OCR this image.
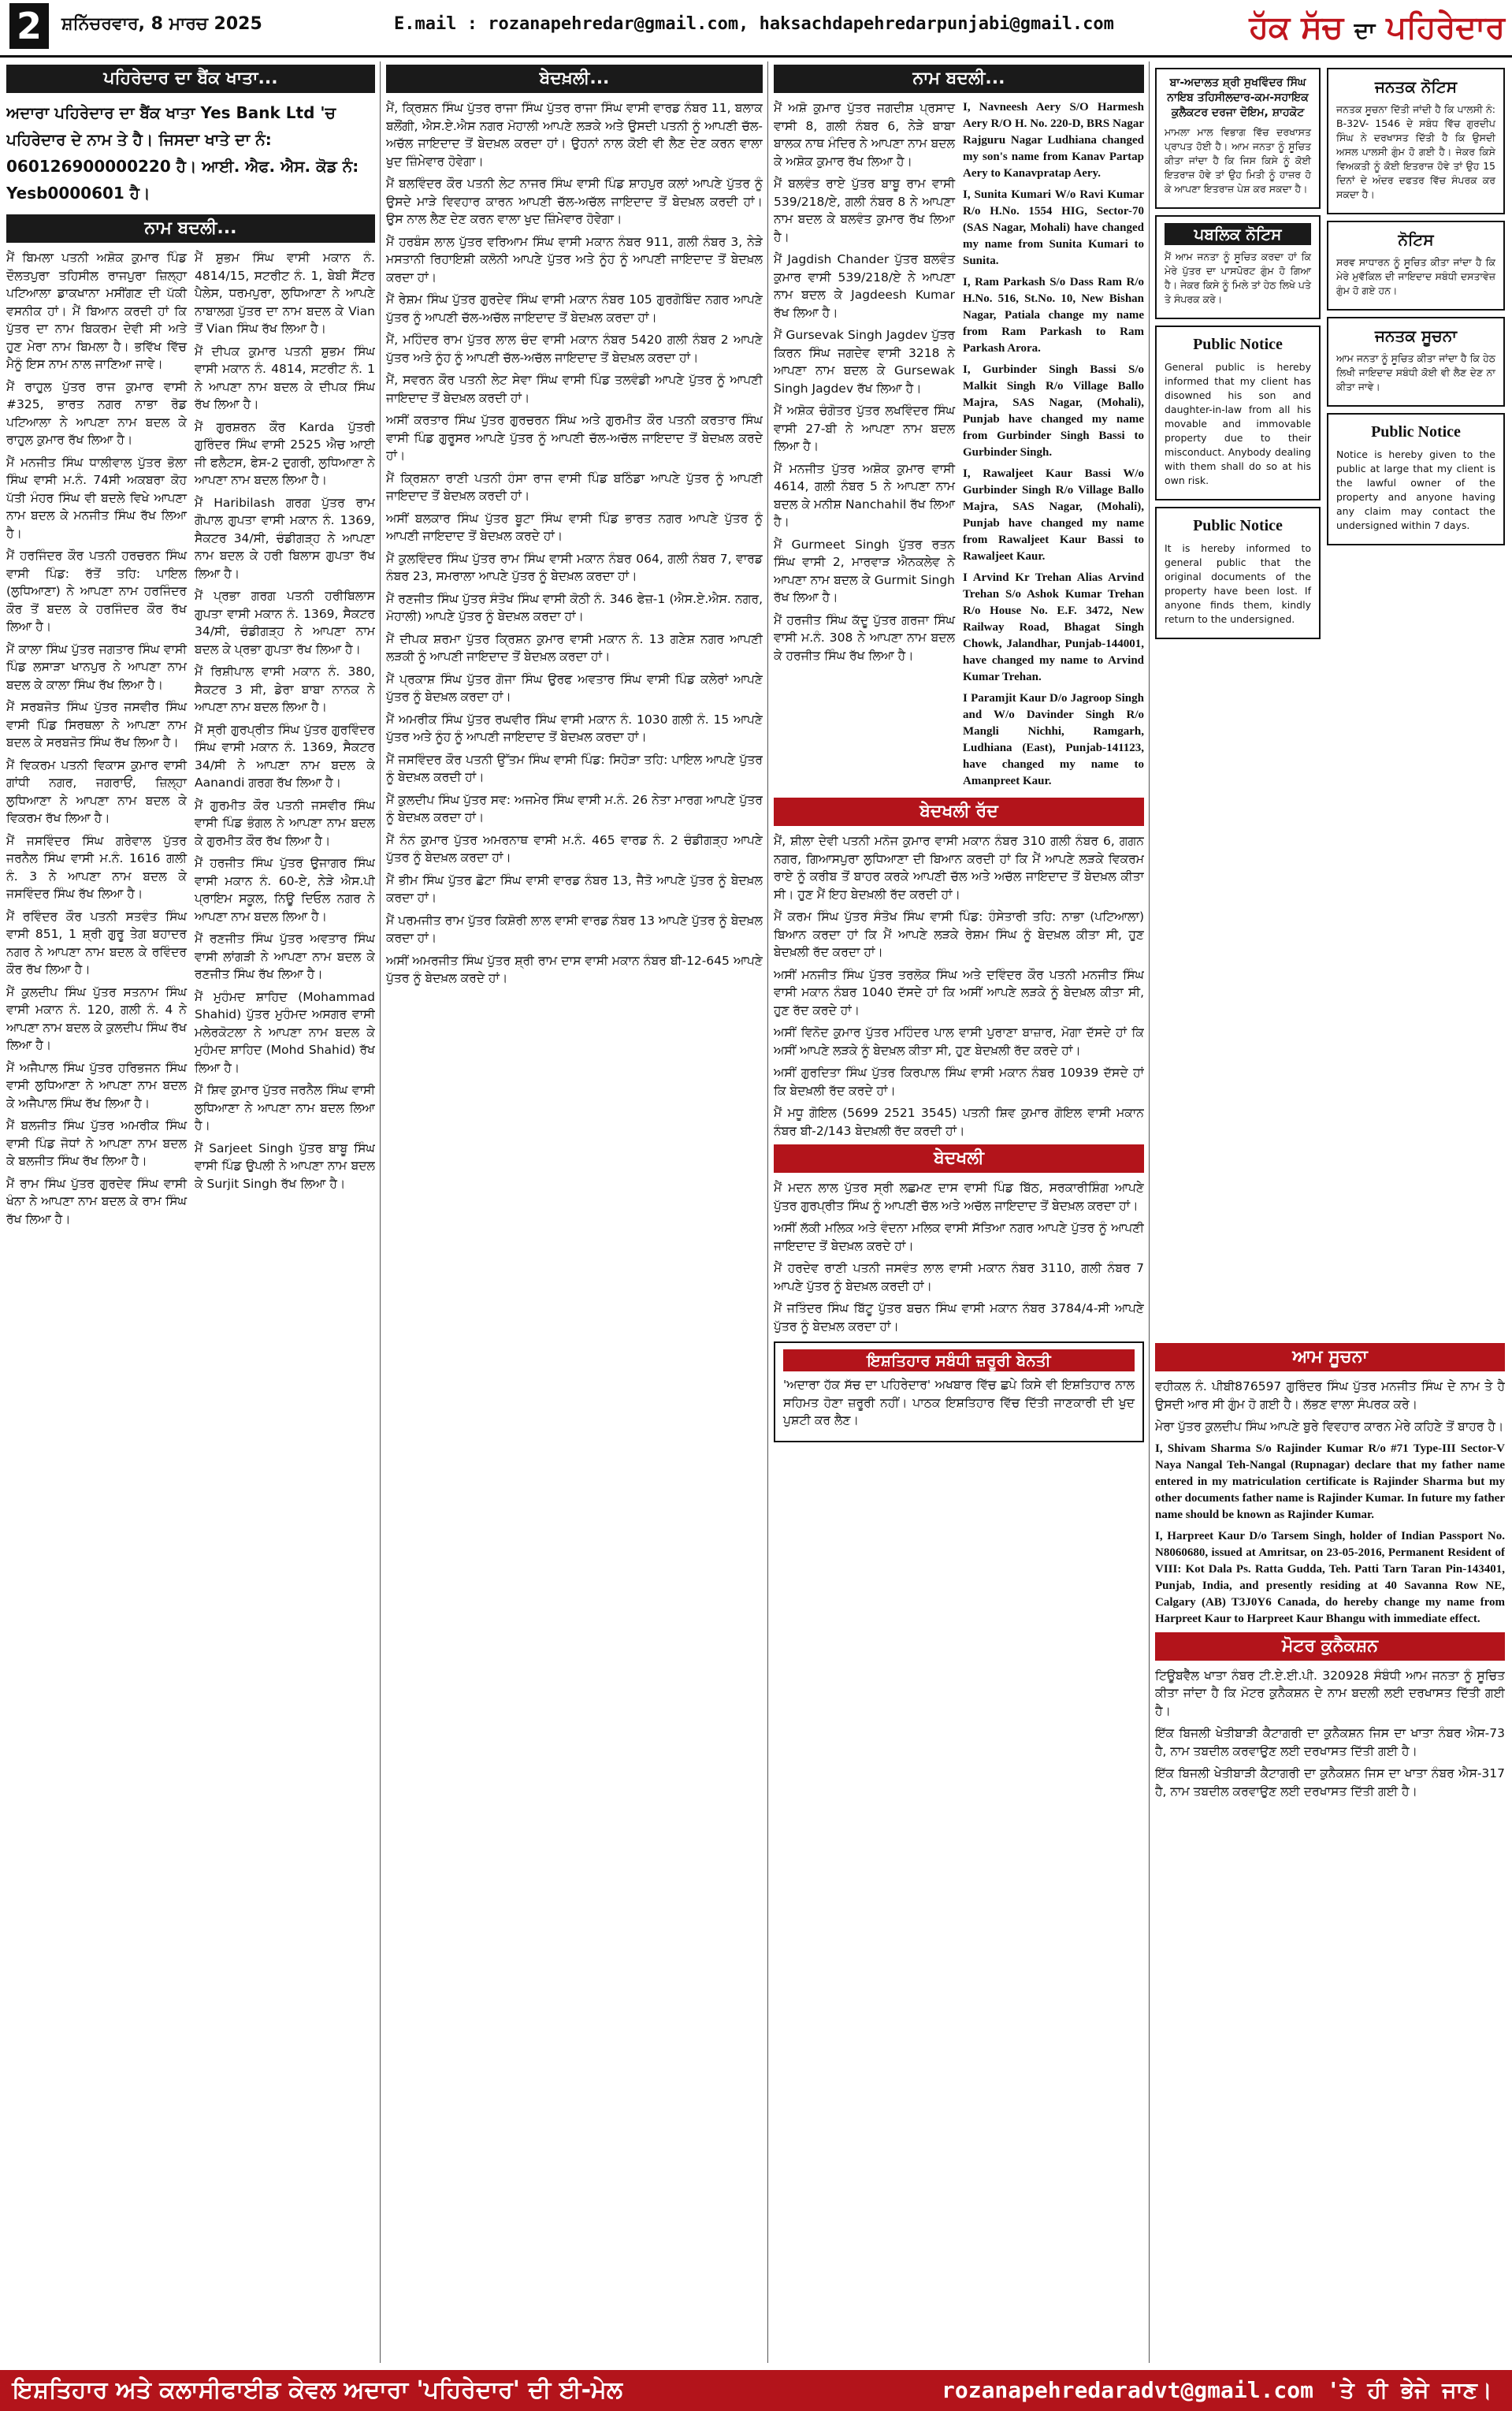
2	ਸ਼ਨਿੱਚਰਵਾਰ, 8 ਮਾਰਚ 2025	E.mail : rozanapehredar@gmail.com, haksachdapehredarpunjabi@gmail.com	ਹੱਕ ਸੱਚ ਦਾ ਪਹਿਰੇਦਾਰ
ਪਹਿਰੇਦਾਰ ਦਾ ਬੈਂਕ ਖਾਤਾ...
ਅਦਾਰਾ ਪਹਿਰੇਦਾਰ ਦਾ ਬੈਂਕ ਖਾਤਾ Yes Bank Ltd 'ਚ ਪਹਿਰੇਦਾਰ ਦੇ ਨਾਮ ਤੇ ਹੈ। ਜਿਸਦਾ ਖਾਤੇ ਦਾ ਨੰ: 060126900000220 ਹੈ। ਆਈ. ਐਫ. ਐਸ. ਕੋਡ ਨੰ: Yesb0000601 ਹੈ।
ਨਾਮ ਬਦਲੀ...

ਮੈਂ ਬਿਮਲਾ ਪਤਨੀ ਅਸ਼ੋਕ ਕੁਮਾਰ ਪਿੰਡ ਦੌਲਤਪੁਰਾ ਤਹਿਸੀਲ ਰਾਜਪੁਰਾ ਜ਼ਿਲ੍ਹਾ ਪਟਿਆਲਾ ਡਾਕਖਾਨਾ ਮਸੀਂਗਣ ਦੀ ਪੱਕੀ ਵਸਨੀਕ ਹਾਂ। ਮੈਂ ਬਿਆਨ ਕਰਦੀ ਹਾਂ ਕਿ ਪੁੱਤਰ ਦਾ ਨਾਮ ਬਿਕਰਮ ਦੇਵੀ ਸੀ ਅਤੇ ਹੁਣ ਮੇਰਾ ਨਾਮ ਬਿਮਲਾ ਹੈ। ਭਵਿੱਖ ਵਿੱਚ ਮੈਨੂੰ ਇਸ ਨਾਮ ਨਾਲ ਜਾਣਿਆ ਜਾਵੇ।

ਮੈਂ ਰਾਹੁਲ ਪੁੱਤਰ ਰਾਜ ਕੁਮਾਰ ਵਾਸੀ #325, ਭਾਰਤ ਨਗਰ ਨਾਭਾ ਰੋਡ ਪਟਿਆਲਾ ਨੇ ਆਪਣਾ ਨਾਮ ਬਦਲ ਕੇ ਰਾਹੁਲ ਕੁਮਾਰ ਰੱਖ ਲਿਆ ਹੈ।

ਮੈਂ ਮਨਜੀਤ ਸਿੰਘ ਧਾਲੀਵਾਲ ਪੁੱਤਰ ਭੋਲਾ ਸਿੰਘ ਵਾਸੀ ਮ.ਨੰ. 74ਸੀ ਅਕਬਰਾ ਕੋਹ ਪੱਤੀ ਮੰਹਰ ਸਿੰਘ ਵੀ ਬਦਲੇ ਵਿਖੇ ਆਪਣਾ ਨਾਮ ਬਦਲ ਕੇ ਮਨਜੀਤ ਸਿੰਘ ਰੱਖ ਲਿਆ ਹੈ।

ਮੈਂ ਹਰਜਿੰਦਰ ਕੌਰ ਪਤਨੀ ਹਰਚਰਨ ਸਿੰਘ ਵਾਸੀ ਪਿੰਡ: ਰੱਤੋਂ ਤਹਿ: ਪਾਇਲ (ਲੁਧਿਆਣਾ) ਨੇ ਆਪਣਾ ਨਾਮ ਹਰਜਿੰਦਰ ਕੌਰ ਤੋਂ ਬਦਲ ਕੇ ਹਰਜਿੰਦਰ ਕੌਰ ਰੱਖ ਲਿਆ ਹੈ।

ਮੈਂ ਕਾਲਾ ਸਿੰਘ ਪੁੱਤਰ ਜਗਤਾਰ ਸਿੰਘ ਵਾਸੀ ਪਿੰਡ ਲਸਾੜਾ ਖਾਨਪੁਰ ਨੇ ਆਪਣਾ ਨਾਮ ਬਦਲ ਕੇ ਕਾਲਾ ਸਿੰਘ ਰੱਖ ਲਿਆ ਹੈ।

ਮੈਂ ਸਰਬਜੋਤ ਸਿੰਘ ਪੁੱਤਰ ਜਸਵੀਰ ਸਿੰਘ ਵਾਸੀ ਪਿੰਡ ਸਿਰਥਲਾ ਨੇ ਆਪਣਾ ਨਾਮ ਬਦਲ ਕੇ ਸਰਬਜੋਤ ਸਿੰਘ ਰੱਖ ਲਿਆ ਹੈ।

ਮੈਂ ਵਿਕਰਮ ਪਤਨੀ ਵਿਕਾਸ ਕੁਮਾਰ ਵਾਸੀ ਗਾਂਧੀ ਨਗਰ, ਜਗਰਾਓਂ, ਜ਼ਿਲ੍ਹਾ ਲੁਧਿਆਣਾ ਨੇ ਆਪਣਾ ਨਾਮ ਬਦਲ ਕੇ ਵਿਕਰਮ ਰੱਖ ਲਿਆ ਹੈ।

ਮੈਂ ਜਸਵਿੰਦਰ ਸਿੰਘ ਗਰੇਵਾਲ ਪੁੱਤਰ ਜਰਨੈਲ ਸਿੰਘ ਵਾਸੀ ਮ.ਨੰ. 1616 ਗਲੀ ਨੰ. 3 ਨੇ ਆਪਣਾ ਨਾਮ ਬਦਲ ਕੇ ਜਸਵਿੰਦਰ ਸਿੰਘ ਰੱਖ ਲਿਆ ਹੈ।

ਮੈਂ ਰਵਿੰਦਰ ਕੌਰ ਪਤਨੀ ਸਤਵੰਤ ਸਿੰਘ ਵਾਸੀ 851, 1 ਸ਼੍ਰੀ ਗੁਰੂ ਤੇਗ ਬਹਾਦਰ ਨਗਰ ਨੇ ਆਪਣਾ ਨਾਮ ਬਦਲ ਕੇ ਰਵਿੰਦਰ ਕੌਰ ਰੱਖ ਲਿਆ ਹੈ।

ਮੈਂ ਕੁਲਦੀਪ ਸਿੰਘ ਪੁੱਤਰ ਸਤਨਾਮ ਸਿੰਘ ਵਾਸੀ ਮਕਾਨ ਨੰ. 120, ਗਲੀ ਨੰ. 4 ਨੇ ਆਪਣਾ ਨਾਮ ਬਦਲ ਕੇ ਕੁਲਦੀਪ ਸਿੰਘ ਰੱਖ ਲਿਆ ਹੈ।

ਮੈਂ ਅਜੈਪਾਲ ਸਿੰਘ ਪੁੱਤਰ ਹਰਿਭਜਨ ਸਿੰਘ ਵਾਸੀ ਲੁਧਿਆਣਾ ਨੇ ਆਪਣਾ ਨਾਮ ਬਦਲ ਕੇ ਅਜੈਪਾਲ ਸਿੰਘ ਰੱਖ ਲਿਆ ਹੈ।

ਮੈਂ ਬਲਜੀਤ ਸਿੰਘ ਪੁੱਤਰ ਅਮਰੀਕ ਸਿੰਘ ਵਾਸੀ ਪਿੰਡ ਜੋਧਾਂ ਨੇ ਆਪਣਾ ਨਾਮ ਬਦਲ ਕੇ ਬਲਜੀਤ ਸਿੰਘ ਰੱਖ ਲਿਆ ਹੈ।

ਮੈਂ ਰਾਮ ਸਿੰਘ ਪੁੱਤਰ ਗੁਰਦੇਵ ਸਿੰਘ ਵਾਸੀ ਖੰਨਾ ਨੇ ਆਪਣਾ ਨਾਮ ਬਦਲ ਕੇ ਰਾਮ ਸਿੰਘ ਰੱਖ ਲਿਆ ਹੈ।

ਮੈਂ ਸ਼ੁਭਮ ਸਿੰਘ ਵਾਸੀ ਮਕਾਨ ਨੰ. 4814/15, ਸਟਰੀਟ ਨੰ. 1, ਬੇਬੀ ਸੈਂਟਰ ਪੈਲੇਸ, ਧਰਮਪੁਰਾ, ਲੁਧਿਆਣਾ ਨੇ ਆਪਣੇ ਨਾਬਾਲਗ ਪੁੱਤਰ ਦਾ ਨਾਮ ਬਦਲ ਕੇ Vian ਤੋਂ Vian ਸਿੰਘ ਰੱਖ ਲਿਆ ਹੈ।

ਮੈਂ ਦੀਪਕ ਕੁਮਾਰ ਪਤਨੀ ਸ਼ੁਭਮ ਸਿੰਘ ਵਾਸੀ ਮਕਾਨ ਨੰ. 4814, ਸਟਰੀਟ ਨੰ. 1 ਨੇ ਆਪਣਾ ਨਾਮ ਬਦਲ ਕੇ ਦੀਪਕ ਸਿੰਘ ਰੱਖ ਲਿਆ ਹੈ।

ਮੈਂ ਗੁਰਸ਼ਰਨ ਕੌਰ Karda ਪੁੱਤਰੀ ਗੁਰਿੰਦਰ ਸਿੰਘ ਵਾਸੀ 2525 ਐਚ ਆਈ ਜੀ ਫਲੈਟਸ, ਫੇਸ-2 ਦੁਗਰੀ, ਲੁਧਿਆਣਾ ਨੇ ਆਪਣਾ ਨਾਮ ਬਦਲ ਲਿਆ ਹੈ।

ਮੈਂ Haribilash ਗਰਗ ਪੁੱਤਰ ਰਾਮ ਗੋਪਾਲ ਗੁਪਤਾ ਵਾਸੀ ਮਕਾਨ ਨੰ. 1369, ਸੈਕਟਰ 34/ਸੀ, ਚੰਡੀਗੜ੍ਹ ਨੇ ਆਪਣਾ ਨਾਮ ਬਦਲ ਕੇ ਹਰੀ ਬਿਲਾਸ ਗੁਪਤਾ ਰੱਖ ਲਿਆ ਹੈ।

ਮੈਂ ਪ੍ਰਭਾ ਗਰਗ ਪਤਨੀ ਹਰੀਬਿਲਾਸ ਗੁਪਤਾ ਵਾਸੀ ਮਕਾਨ ਨੰ. 1369, ਸੈਕਟਰ 34/ਸੀ, ਚੰਡੀਗੜ੍ਹ ਨੇ ਆਪਣਾ ਨਾਮ ਬਦਲ ਕੇ ਪ੍ਰਭਾ ਗੁਪਤਾ ਰੱਖ ਲਿਆ ਹੈ।

ਮੈਂ ਰਿਸ਼ੀਪਾਲ ਵਾਸੀ ਮਕਾਨ ਨੰ. 380, ਸੈਕਟਰ 3 ਸੀ, ਡੇਰਾ ਬਾਬਾ ਨਾਨਕ ਨੇ ਆਪਣਾ ਨਾਮ ਬਦਲ ਲਿਆ ਹੈ।

ਮੈਂ ਸ੍ਰੀ ਗੁਰਪ੍ਰੀਤ ਸਿੰਘ ਪੁੱਤਰ ਗੁਰਵਿੰਦਰ ਸਿੰਘ ਵਾਸੀ ਮਕਾਨ ਨੰ. 1369, ਸੈਕਟਰ 34/ਸੀ ਨੇ ਆਪਣਾ ਨਾਮ ਬਦਲ ਕੇ Aanandi ਗਰਗ ਰੱਖ ਲਿਆ ਹੈ।

ਮੈਂ ਗੁਰਮੀਤ ਕੌਰ ਪਤਨੀ ਜਸਵੀਰ ਸਿੰਘ ਵਾਸੀ ਪਿੰਡ ਭੰਗਲ ਨੇ ਆਪਣਾ ਨਾਮ ਬਦਲ ਕੇ ਗੁਰਮੀਤ ਕੌਰ ਰੱਖ ਲਿਆ ਹੈ।

ਮੈਂ ਹਰਜੀਤ ਸਿੰਘ ਪੁੱਤਰ ਉਜਾਗਰ ਸਿੰਘ ਵਾਸੀ ਮਕਾਨ ਨੰ. 60-ਏ, ਨੇੜੇ ਐਸ.ਪੀ ਪ੍ਰਾਇਮ ਸਕੂਲ, ਨਿਊ ਦਿਓਲ ਨਗਰ ਨੇ ਆਪਣਾ ਨਾਮ ਬਦਲ ਲਿਆ ਹੈ।

ਮੈਂ ਰਣਜੀਤ ਸਿੰਘ ਪੁੱਤਰ ਅਵਤਾਰ ਸਿੰਘ ਵਾਸੀ ਲਾਂਗੜੀ ਨੇ ਆਪਣਾ ਨਾਮ ਬਦਲ ਕੇ ਰਣਜੀਤ ਸਿੰਘ ਰੱਖ ਲਿਆ ਹੈ।

ਮੈਂ ਮੁਹੰਮਦ ਸ਼ਾਹਿਦ (Mohammad Shahid) ਪੁੱਤਰ ਮੁਹੰਮਦ ਅਸਗਰ ਵਾਸੀ ਮਲੇਰਕੋਟਲਾ ਨੇ ਆਪਣਾ ਨਾਮ ਬਦਲ ਕੇ ਮੁਹੰਮਦ ਸ਼ਾਹਿਦ (Mohd Shahid) ਰੱਖ ਲਿਆ ਹੈ।

ਮੈਂ ਸ਼ਿਵ ਕੁਮਾਰ ਪੁੱਤਰ ਜਰਨੈਲ ਸਿੰਘ ਵਾਸੀ ਲੁਧਿਆਣਾ ਨੇ ਆਪਣਾ ਨਾਮ ਬਦਲ ਲਿਆ ਹੈ।

ਮੈਂ Sarjeet Singh ਪੁੱਤਰ ਬਾਬੂ ਸਿੰਘ ਵਾਸੀ ਪਿੰਡ ਉਪਲੀ ਨੇ ਆਪਣਾ ਨਾਮ ਬਦਲ ਕੇ Surjit Singh ਰੱਖ ਲਿਆ ਹੈ।

ਬੇਦਖ਼ਲੀ...

ਮੈਂ, ਕ੍ਰਿਸ਼ਨ ਸਿੰਘ ਪੁੱਤਰ ਰਾਜਾ ਸਿੰਘ ਪੁੱਤਰ ਰਾਜਾ ਸਿੰਘ ਵਾਸੀ ਵਾਰਡ ਨੰਬਰ 11, ਬਲਾਕ ਬਲੌਂਗੀ, ਐਸ.ਏ.ਐਸ ਨਗਰ ਮੋਹਾਲੀ ਆਪਣੇ ਲੜਕੇ ਅਤੇ ਉਸਦੀ ਪਤਨੀ ਨੂੰ ਆਪਣੀ ਚੱਲ-ਅਚੱਲ ਜਾਇਦਾਦ ਤੋਂ ਬੇਦਖ਼ਲ ਕਰਦਾ ਹਾਂ। ਉਹਨਾਂ ਨਾਲ ਕੋਈ ਵੀ ਲੈਣ ਦੇਣ ਕਰਨ ਵਾਲਾ ਖੁਦ ਜ਼ਿੰਮੇਵਾਰ ਹੋਵੇਗਾ।

ਮੈਂ ਬਲਵਿੰਦਰ ਕੌਰ ਪਤਨੀ ਲੇਟ ਨਾਜਰ ਸਿੰਘ ਵਾਸੀ ਪਿੰਡ ਸ਼ਾਹਪੁਰ ਕਲਾਂ ਆਪਣੇ ਪੁੱਤਰ ਨੂੰ ਉਸਦੇ ਮਾੜੇ ਵਿਵਹਾਰ ਕਾਰਨ ਆਪਣੀ ਚੱਲ-ਅਚੱਲ ਜਾਇਦਾਦ ਤੋਂ ਬੇਦਖ਼ਲ ਕਰਦੀ ਹਾਂ। ਉਸ ਨਾਲ ਲੈਣ ਦੇਣ ਕਰਨ ਵਾਲਾ ਖੁਦ ਜ਼ਿੰਮੇਵਾਰ ਹੋਵੇਗਾ।

ਮੈਂ ਹਰਬੰਸ ਲਾਲ ਪੁੱਤਰ ਵਰਿਆਮ ਸਿੰਘ ਵਾਸੀ ਮਕਾਨ ਨੰਬਰ 911, ਗਲੀ ਨੰਬਰ 3, ਨੇੜੇ ਮਸਤਾਨੀ ਰਿਹਾਇਸ਼ੀ ਕਲੋਨੀ ਆਪਣੇ ਪੁੱਤਰ ਅਤੇ ਨੂੰਹ ਨੂੰ ਆਪਣੀ ਜਾਇਦਾਦ ਤੋਂ ਬੇਦਖ਼ਲ ਕਰਦਾ ਹਾਂ।

ਮੈਂ ਰੇਸ਼ਮ ਸਿੰਘ ਪੁੱਤਰ ਗੁਰਦੇਵ ਸਿੰਘ ਵਾਸੀ ਮਕਾਨ ਨੰਬਰ 105 ਗੁਰਗੋਬਿੰਦ ਨਗਰ ਆਪਣੇ ਪੁੱਤਰ ਨੂੰ ਆਪਣੀ ਚੱਲ-ਅਚੱਲ ਜਾਇਦਾਦ ਤੋਂ ਬੇਦਖ਼ਲ ਕਰਦਾ ਹਾਂ।

ਮੈਂ, ਮਹਿੰਦਰ ਰਾਮ ਪੁੱਤਰ ਲਾਲ ਚੰਦ ਵਾਸੀ ਮਕਾਨ ਨੰਬਰ 5420 ਗਲੀ ਨੰਬਰ 2 ਆਪਣੇ ਪੁੱਤਰ ਅਤੇ ਨੂੰਹ ਨੂੰ ਆਪਣੀ ਚੱਲ-ਅਚੱਲ ਜਾਇਦਾਦ ਤੋਂ ਬੇਦਖ਼ਲ ਕਰਦਾ ਹਾਂ।

ਮੈਂ, ਸਵਰਨ ਕੌਰ ਪਤਨੀ ਲੇਟ ਸੇਵਾ ਸਿੰਘ ਵਾਸੀ ਪਿੰਡ ਤਲਵੰਡੀ ਆਪਣੇ ਪੁੱਤਰ ਨੂੰ ਆਪਣੀ ਜਾਇਦਾਦ ਤੋਂ ਬੇਦਖ਼ਲ ਕਰਦੀ ਹਾਂ।

ਅਸੀਂ ਕਰਤਾਰ ਸਿੰਘ ਪੁੱਤਰ ਗੁਰਚਰਨ ਸਿੰਘ ਅਤੇ ਗੁਰਮੀਤ ਕੌਰ ਪਤਨੀ ਕਰਤਾਰ ਸਿੰਘ ਵਾਸੀ ਪਿੰਡ ਗੁਰੂਸਰ ਆਪਣੇ ਪੁੱਤਰ ਨੂੰ ਆਪਣੀ ਚੱਲ-ਅਚੱਲ ਜਾਇਦਾਦ ਤੋਂ ਬੇਦਖ਼ਲ ਕਰਦੇ ਹਾਂ।

ਮੈਂ ਕ੍ਰਿਸ਼ਨਾ ਰਾਣੀ ਪਤਨੀ ਹੰਸਾ ਰਾਜ ਵਾਸੀ ਪਿੰਡ ਬਠਿੰਡਾ ਆਪਣੇ ਪੁੱਤਰ ਨੂੰ ਆਪਣੀ ਜਾਇਦਾਦ ਤੋਂ ਬੇਦਖ਼ਲ ਕਰਦੀ ਹਾਂ।

ਅਸੀਂ ਬਲਕਾਰ ਸਿੰਘ ਪੁੱਤਰ ਬੂਟਾ ਸਿੰਘ ਵਾਸੀ ਪਿੰਡ ਭਾਰਤ ਨਗਰ ਆਪਣੇ ਪੁੱਤਰ ਨੂੰ ਆਪਣੀ ਜਾਇਦਾਦ ਤੋਂ ਬੇਦਖ਼ਲ ਕਰਦੇ ਹਾਂ।

ਮੈਂ ਕੁਲਵਿੰਦਰ ਸਿੰਘ ਪੁੱਤਰ ਰਾਮ ਸਿੰਘ ਵਾਸੀ ਮਕਾਨ ਨੰਬਰ 064, ਗਲੀ ਨੰਬਰ 7, ਵਾਰਡ ਨੰਬਰ 23, ਸਮਰਾਲਾ ਆਪਣੇ ਪੁੱਤਰ ਨੂੰ ਬੇਦਖ਼ਲ ਕਰਦਾ ਹਾਂ।

ਮੈਂ ਰਣਜੀਤ ਸਿੰਘ ਪੁੱਤਰ ਸੰਤੋਖ ਸਿੰਘ ਵਾਸੀ ਕੋਠੀ ਨੰ. 346 ਫੇਜ਼-1 (ਐਸ.ਏ.ਐਸ. ਨਗਰ, ਮੋਹਾਲੀ) ਆਪਣੇ ਪੁੱਤਰ ਨੂੰ ਬੇਦਖ਼ਲ ਕਰਦਾ ਹਾਂ।

ਮੈਂ ਦੀਪਕ ਸ਼ਰਮਾ ਪੁੱਤਰ ਕ੍ਰਿਸ਼ਨ ਕੁਮਾਰ ਵਾਸੀ ਮਕਾਨ ਨੰ. 13 ਗਣੇਸ਼ ਨਗਰ ਆਪਣੀ ਲੜਕੀ ਨੂੰ ਆਪਣੀ ਜਾਇਦਾਦ ਤੋਂ ਬੇਦਖ਼ਲ ਕਰਦਾ ਹਾਂ।

ਮੈਂ ਪ੍ਰਕਾਸ਼ ਸਿੰਘ ਪੁੱਤਰ ਗੋਜਾ ਸਿੰਘ ਉਰਫ ਅਵਤਾਰ ਸਿੰਘ ਵਾਸੀ ਪਿੰਡ ਕਲੇਰਾਂ ਆਪਣੇ ਪੁੱਤਰ ਨੂੰ ਬੇਦਖ਼ਲ ਕਰਦਾ ਹਾਂ।

ਮੈਂ ਅਮਰੀਕ ਸਿੰਘ ਪੁੱਤਰ ਰਘਵੀਰ ਸਿੰਘ ਵਾਸੀ ਮਕਾਨ ਨੰ. 1030 ਗਲੀ ਨੰ. 15 ਆਪਣੇ ਪੁੱਤਰ ਅਤੇ ਨੂੰਹ ਨੂੰ ਆਪਣੀ ਜਾਇਦਾਦ ਤੋਂ ਬੇਦਖ਼ਲ ਕਰਦਾ ਹਾਂ।

ਮੈਂ ਜਸਵਿੰਦਰ ਕੌਰ ਪਤਨੀ ਉੱਤਮ ਸਿੰਘ ਵਾਸੀ ਪਿੰਡ: ਸਿਹੋੜਾ ਤਹਿ: ਪਾਇਲ ਆਪਣੇ ਪੁੱਤਰ ਨੂੰ ਬੇਦਖ਼ਲ ਕਰਦੀ ਹਾਂ।

ਮੈਂ ਕੁਲਦੀਪ ਸਿੰਘ ਪੁੱਤਰ ਸਵ: ਅਜਮੇਰ ਸਿੰਘ ਵਾਸੀ ਮ.ਨੰ. 26 ਨੇਤਾ ਮਾਰਗ ਆਪਣੇ ਪੁੱਤਰ ਨੂੰ ਬੇਦਖ਼ਲ ਕਰਦਾ ਹਾਂ।

ਮੈਂ ਨੰਨ ਕੁਮਾਰ ਪੁੱਤਰ ਅਮਰਨਾਥ ਵਾਸੀ ਮ.ਨੰ. 465 ਵਾਰਡ ਨੰ. 2 ਚੰਡੀਗੜ੍ਹ ਆਪਣੇ ਪੁੱਤਰ ਨੂੰ ਬੇਦਖ਼ਲ ਕਰਦਾ ਹਾਂ।

ਮੈਂ ਭੀਮ ਸਿੰਘ ਪੁੱਤਰ ਛੋਟਾ ਸਿੰਘ ਵਾਸੀ ਵਾਰਡ ਨੰਬਰ 13, ਜੈਤੋ ਆਪਣੇ ਪੁੱਤਰ ਨੂੰ ਬੇਦਖ਼ਲ ਕਰਦਾ ਹਾਂ।

ਮੈਂ ਪਰਮਜੀਤ ਰਾਮ ਪੁੱਤਰ ਕਿਸ਼ੋਰੀ ਲਾਲ ਵਾਸੀ ਵਾਰਡ ਨੰਬਰ 13 ਆਪਣੇ ਪੁੱਤਰ ਨੂੰ ਬੇਦਖ਼ਲ ਕਰਦਾ ਹਾਂ।

ਅਸੀਂ ਅਮਰਜੀਤ ਸਿੰਘ ਪੁੱਤਰ ਸ਼੍ਰੀ ਰਾਮ ਦਾਸ ਵਾਸੀ ਮਕਾਨ ਨੰਬਰ ਬੀ-12-645 ਆਪਣੇ ਪੁੱਤਰ ਨੂੰ ਬੇਦਖ਼ਲ ਕਰਦੇ ਹਾਂ।

ਨਾਮ ਬਦਲੀ...

ਮੈਂ ਅਸ਼ੋ ਕੁਮਾਰ ਪੁੱਤਰ ਜਗਦੀਸ਼ ਪ੍ਰਸਾਦ ਵਾਸੀ 8, ਗਲੀ ਨੰਬਰ 6, ਨੇੜੇ ਬਾਬਾ ਬਾਲਕ ਨਾਥ ਮੰਦਿਰ ਨੇ ਆਪਣਾ ਨਾਮ ਬਦਲ ਕੇ ਅਸ਼ੋਕ ਕੁਮਾਰ ਰੱਖ ਲਿਆ ਹੈ।

ਮੈਂ ਬਲਵੰਤ ਰਾਏ ਪੁੱਤਰ ਬਾਬੂ ਰਾਮ ਵਾਸੀ 539/218/ਏ, ਗਲੀ ਨੰਬਰ 8 ਨੇ ਆਪਣਾ ਨਾਮ ਬਦਲ ਕੇ ਬਲਵੰਤ ਕੁਮਾਰ ਰੱਖ ਲਿਆ ਹੈ।

ਮੈਂ Jagdish Chander ਪੁੱਤਰ ਬਲਵੰਤ ਕੁਮਾਰ ਵਾਸੀ 539/218/ਏ ਨੇ ਆਪਣਾ ਨਾਮ ਬਦਲ ਕੇ Jagdeesh Kumar ਰੱਖ ਲਿਆ ਹੈ।

ਮੈਂ Gursevak Singh Jagdev ਪੁੱਤਰ ਕਿਰਨ ਸਿੰਘ ਜਗਦੇਵ ਵਾਸੀ 3218 ਨੇ ਆਪਣਾ ਨਾਮ ਬਦਲ ਕੇ Gursewak Singh Jagdev ਰੱਖ ਲਿਆ ਹੈ।

ਮੈਂ ਅਸ਼ੋਕ ਚੰਗੋਤਰ ਪੁੱਤਰ ਲਖਵਿੰਦਰ ਸਿੰਘ ਵਾਸੀ 27-ਬੀ ਨੇ ਆਪਣਾ ਨਾਮ ਬਦਲ ਲਿਆ ਹੈ।

ਮੈਂ ਮਨਜੀਤ ਪੁੱਤਰ ਅਸ਼ੋਕ ਕੁਮਾਰ ਵਾਸੀ 4614, ਗਲੀ ਨੰਬਰ 5 ਨੇ ਆਪਣਾ ਨਾਮ ਬਦਲ ਕੇ ਮਨੀਸ਼ Nanchahil ਰੱਖ ਲਿਆ ਹੈ।

ਮੈਂ Gurmeet Singh ਪੁੱਤਰ ਰਤਨ ਸਿੰਘ ਵਾਸੀ 2, ਮਾਰਵਾੜ ਐਨਕਲੇਵ ਨੇ ਆਪਣਾ ਨਾਮ ਬਦਲ ਕੇ Gurmit Singh ਰੱਖ ਲਿਆ ਹੈ।

ਮੈਂ ਹਰਜੀਤ ਸਿੰਘ ਕੱਦੂ ਪੁੱਤਰ ਗਰਜਾ ਸਿੰਘ ਵਾਸੀ ਮ.ਨੰ. 308 ਨੇ ਆਪਣਾ ਨਾਮ ਬਦਲ ਕੇ ਹਰਜੀਤ ਸਿੰਘ ਰੱਖ ਲਿਆ ਹੈ।

I, Navneesh Aery S/O Harmesh Aery R/O H. No. 220-D, BRS Nagar Rajguru Nagar Ludhiana changed my son's name from Kanav Partap Aery to Kanavpratap Aery.

I, Sunita Kumari W/o Ravi Kumar R/o H.No. 1554 HIG, Sector-70 (SAS Nagar, Mohali) have changed my name from Sunita Kumari to Sunita.

I, Ram Parkash S/o Dass Ram R/o H.No. 516, St.No. 10, New Bishan Nagar, Patiala change my name from Ram Parkash to Ram Parkash Arora.

I, Gurbinder Singh Bassi S/o Malkit Singh R/o Village Ballo Majra, SAS Nagar, (Mohali), Punjab have changed my name from Gurbinder Singh Bassi to Gurbinder Singh.

I, Rawaljeet Kaur Bassi W/o Gurbinder Singh R/o Village Ballo Majra, SAS Nagar, (Mohali), Punjab have changed my name from Rawaljeet Kaur Bassi to Rawaljeet Kaur.

I Arvind Kr Trehan Alias Arvind Trehan S/o Ashok Kumar Trehan R/o House No. E.F. 3472, New Railway Road, Bhagat Singh Chowk, Jalandhar, Punjab-144001, have changed my name to Arvind Kumar Trehan.

I Paramjit Kaur D/o Jagroop Singh and W/o Davinder Singh R/o Mangli Nichhi, Ramgarh, Ludhiana (East), Punjab-141123, have changed my name to Amanpreet Kaur.

ਬੇਦਖਲੀ ਰੱਦ

ਮੈਂ, ਸ਼ੀਲਾ ਦੇਵੀ ਪਤਨੀ ਮਨੋਜ ਕੁਮਾਰ ਵਾਸੀ ਮਕਾਨ ਨੰਬਰ 310 ਗਲੀ ਨੰਬਰ 6, ਗਗਨ ਨਗਰ, ਗਿਆਸਪੁਰਾ ਲੁਧਿਆਣਾ ਦੀ ਬਿਆਨ ਕਰਦੀ ਹਾਂ ਕਿ ਮੈਂ ਆਪਣੇ ਲੜਕੇ ਵਿਕਰਮ ਰਾਏ ਨੂੰ ਕਰੀਬ ਤੋਂ ਬਾਹਰ ਕਰਕੇ ਆਪਣੀ ਚੱਲ ਅਤੇ ਅਚੱਲ ਜਾਇਦਾਦ ਤੋਂ ਬੇਦਖ਼ਲ ਕੀਤਾ ਸੀ। ਹੁਣ ਮੈਂ ਇਹ ਬੇਦਖ਼ਲੀ ਰੱਦ ਕਰਦੀ ਹਾਂ।

ਮੈਂ ਕਰਮ ਸਿੰਘ ਪੁੱਤਰ ਸੰਤੋਖ ਸਿੰਘ ਵਾਸੀ ਪਿੰਡ: ਹੰਸੇਤਾਰੀ ਤਹਿ: ਨਾਭਾ (ਪਟਿਆਲਾ) ਬਿਆਨ ਕਰਦਾ ਹਾਂ ਕਿ ਮੈਂ ਆਪਣੇ ਲੜਕੇ ਰੇਸ਼ਮ ਸਿੰਘ ਨੂੰ ਬੇਦਖ਼ਲ ਕੀਤਾ ਸੀ, ਹੁਣ ਬੇਦਖ਼ਲੀ ਰੱਦ ਕਰਦਾ ਹਾਂ।

ਅਸੀਂ ਮਨਜੀਤ ਸਿੰਘ ਪੁੱਤਰ ਤਰਲੋਕ ਸਿੰਘ ਅਤੇ ਦਵਿੰਦਰ ਕੌਰ ਪਤਨੀ ਮਨਜੀਤ ਸਿੰਘ ਵਾਸੀ ਮਕਾਨ ਨੰਬਰ 1040 ਦੱਸਦੇ ਹਾਂ ਕਿ ਅਸੀਂ ਆਪਣੇ ਲੜਕੇ ਨੂੰ ਬੇਦਖ਼ਲ ਕੀਤਾ ਸੀ, ਹੁਣ ਰੱਦ ਕਰਦੇ ਹਾਂ।

ਅਸੀਂ ਵਿਨੋਦ ਕੁਮਾਰ ਪੁੱਤਰ ਮਹਿੰਦਰ ਪਾਲ ਵਾਸੀ ਪੁਰਾਣਾ ਬਾਜ਼ਾਰ, ਮੋਗਾ ਦੱਸਦੇ ਹਾਂ ਕਿ ਅਸੀਂ ਆਪਣੇ ਲੜਕੇ ਨੂੰ ਬੇਦਖ਼ਲ ਕੀਤਾ ਸੀ, ਹੁਣ ਬੇਦਖ਼ਲੀ ਰੱਦ ਕਰਦੇ ਹਾਂ।

ਅਸੀਂ ਗੁਰਦਿਤਾ ਸਿੰਘ ਪੁੱਤਰ ਕਿਰਪਾਲ ਸਿੰਘ ਵਾਸੀ ਮਕਾਨ ਨੰਬਰ 10939 ਦੱਸਦੇ ਹਾਂ ਕਿ ਬੇਦਖ਼ਲੀ ਰੱਦ ਕਰਦੇ ਹਾਂ।

ਮੈਂ ਮਧੂ ਗੋਇਲ (5699 2521 3545) ਪਤਨੀ ਸ਼ਿਵ ਕੁਮਾਰ ਗੋਇਲ ਵਾਸੀ ਮਕਾਨ ਨੰਬਰ ਬੀ-2/143 ਬੇਦਖ਼ਲੀ ਰੱਦ ਕਰਦੀ ਹਾਂ।

ਬੇਦਖਲੀ

ਮੈਂ ਮਦਨ ਲਾਲ ਪੁੱਤਰ ਸ੍ਰੀ ਲਛਮਣ ਦਾਸ ਵਾਸੀ ਪਿੰਡ ਬਿੱਠ, ਸਰਕਾਰੀਸ਼ਿੰਗ ਆਪਣੇ ਪੁੱਤਰ ਗੁਰਪ੍ਰੀਤ ਸਿੰਘ ਨੂੰ ਆਪਣੀ ਚੱਲ ਅਤੇ ਅਚੱਲ ਜਾਇਦਾਦ ਤੋਂ ਬੇਦਖ਼ਲ ਕਰਦਾ ਹਾਂ।

ਅਸੀਂ ਲੱਕੀ ਮਲਿਕ ਅਤੇ ਵੰਦਨਾ ਮਲਿਕ ਵਾਸੀ ਸੱਤਿਆ ਨਗਰ ਆਪਣੇ ਪੁੱਤਰ ਨੂੰ ਆਪਣੀ ਜਾਇਦਾਦ ਤੋਂ ਬੇਦਖ਼ਲ ਕਰਦੇ ਹਾਂ।

ਮੈਂ ਹਰਦੇਵ ਰਾਣੀ ਪਤਨੀ ਜਸਵੰਤ ਲਾਲ ਵਾਸੀ ਮਕਾਨ ਨੰਬਰ 3110, ਗਲੀ ਨੰਬਰ 7 ਆਪਣੇ ਪੁੱਤਰ ਨੂੰ ਬੇਦਖ਼ਲ ਕਰਦੀ ਹਾਂ।

ਮੈਂ ਜਤਿੰਦਰ ਸਿੰਘ ਬਿੱਟੂ ਪੁੱਤਰ ਬਚਨ ਸਿੰਘ ਵਾਸੀ ਮਕਾਨ ਨੰਬਰ 3784/4-ਸੀ ਆਪਣੇ ਪੁੱਤਰ ਨੂੰ ਬੇਦਖ਼ਲ ਕਰਦਾ ਹਾਂ।

ਇਸ਼ਤਿਹਾਰ ਸਬੰਧੀ ਜ਼ਰੂਰੀ ਬੇਨਤੀ

'ਅਦਾਰਾ ਹੱਕ ਸੱਚ ਦਾ ਪਹਿਰੇਦਾਰ' ਅਖਬਾਰ ਵਿੱਚ ਛਪੇ ਕਿਸੇ ਵੀ ਇਸ਼ਤਿਹਾਰ ਨਾਲ ਸਹਿਮਤ ਹੋਣਾ ਜ਼ਰੂਰੀ ਨਹੀਂ। ਪਾਠਕ ਇਸ਼ਤਿਹਾਰ ਵਿੱਚ ਦਿੱਤੀ ਜਾਣਕਾਰੀ ਦੀ ਖੁਦ ਪੁਸ਼ਟੀ ਕਰ ਲੈਣ।

ਬਾ-ਅਦਾਲਤ ਸ਼੍ਰੀ ਸੁਖਵਿੰਦਰ ਸਿੰਘ ਨਾਇਬ ਤਹਿਸੀਲਦਾਰ-ਕਮ-ਸਹਾਇਕ ਕੁਲੈਕਟਰ ਦਰਜਾ ਦੋਇਮ, ਸ਼ਾਹਕੋਟ

ਮਾਮਲਾ ਮਾਲ ਵਿਭਾਗ ਵਿੱਚ ਦਰਖਾਸਤ ਪ੍ਰਾਪਤ ਹੋਈ ਹੈ। ਆਮ ਜਨਤਾ ਨੂੰ ਸੂਚਿਤ ਕੀਤਾ ਜਾਂਦਾ ਹੈ ਕਿ ਜਿਸ ਕਿਸੇ ਨੂੰ ਕੋਈ ਇਤਰਾਜ਼ ਹੋਵੇ ਤਾਂ ਉਹ ਮਿਤੀ ਨੂੰ ਹਾਜ਼ਰ ਹੋ ਕੇ ਆਪਣਾ ਇਤਰਾਜ਼ ਪੇਸ਼ ਕਰ ਸਕਦਾ ਹੈ।

ਪਬਲਿਕ ਨੋਟਿਸ

ਮੈਂ ਆਮ ਜਨਤਾ ਨੂੰ ਸੂਚਿਤ ਕਰਦਾ ਹਾਂ ਕਿ ਮੇਰੇ ਪੁੱਤਰ ਦਾ ਪਾਸਪੋਰਟ ਗੁੰਮ ਹੋ ਗਿਆ ਹੈ। ਜੇਕਰ ਕਿਸੇ ਨੂੰ ਮਿਲੇ ਤਾਂ ਹੇਠ ਲਿਖੇ ਪਤੇ ਤੇ ਸੰਪਰਕ ਕਰੇ।

Public Notice

General public is hereby informed that my client has disowned his son and daughter-in-law from all his movable and immovable property due to their misconduct. Anybody dealing with them shall do so at his own risk.

Public Notice

It is hereby informed to general public that the original documents of the property have been lost. If anyone finds them, kindly return to the undersigned.

ਜਨਤਕ ਨੋਟਿਸ

ਜਨਤਕ ਸੂਚਨਾ ਦਿੱਤੀ ਜਾਂਦੀ ਹੈ ਕਿ ਪਾਲਸੀ ਨੰ: B-32V- 1546 ਦੇ ਸਬੰਧ ਵਿੱਚ ਗੁਰਦੀਪ ਸਿੰਘ ਨੇ ਦਰਖਾਸਤ ਦਿੱਤੀ ਹੈ ਕਿ ਉਸਦੀ ਅਸਲ ਪਾਲਸੀ ਗੁੰਮ ਹੋ ਗਈ ਹੈ। ਜੇਕਰ ਕਿਸੇ ਵਿਅਕਤੀ ਨੂੰ ਕੋਈ ਇਤਰਾਜ਼ ਹੋਵੇ ਤਾਂ ਉਹ 15 ਦਿਨਾਂ ਦੇ ਅੰਦਰ ਦਫਤਰ ਵਿੱਚ ਸੰਪਰਕ ਕਰ ਸਕਦਾ ਹੈ।

ਨੋਟਿਸ

ਸਰਵ ਸਾਧਾਰਨ ਨੂੰ ਸੂਚਿਤ ਕੀਤਾ ਜਾਂਦਾ ਹੈ ਕਿ ਮੇਰੇ ਮੁਵੱਕਿਲ ਦੀ ਜਾਇਦਾਦ ਸਬੰਧੀ ਦਸਤਾਵੇਜ਼ ਗੁੰਮ ਹੋ ਗਏ ਹਨ।

ਜਨਤਕ ਸੂਚਨਾ

ਆਮ ਜਨਤਾ ਨੂੰ ਸੂਚਿਤ ਕੀਤਾ ਜਾਂਦਾ ਹੈ ਕਿ ਹੇਠ ਲਿਖੀ ਜਾਇਦਾਦ ਸਬੰਧੀ ਕੋਈ ਵੀ ਲੈਣ ਦੇਣ ਨਾ ਕੀਤਾ ਜਾਵੇ।

Public Notice

Notice is hereby given to the public at large that my client is the lawful owner of the property and anyone having any claim may contact the undersigned within 7 days.

ਆਮ ਸੂਚਨਾ

ਵਹੀਕਲ ਨੰ. ਪੀਬੀ876597 ਗੁਰਿੰਦਰ ਸਿੰਘ ਪੁੱਤਰ ਮਨਜੀਤ ਸਿੰਘ ਦੇ ਨਾਮ ਤੇ ਹੈ ਉਸਦੀ ਆਰ ਸੀ ਗੁੰਮ ਹੋ ਗਈ ਹੈ। ਲੱਭਣ ਵਾਲਾ ਸੰਪਰਕ ਕਰੇ।

ਮੇਰਾ ਪੁੱਤਰ ਕੁਲਦੀਪ ਸਿੰਘ ਆਪਣੇ ਬੁਰੇ ਵਿਵਹਾਰ ਕਾਰਨ ਮੇਰੇ ਕਹਿਣੇ ਤੋਂ ਬਾਹਰ ਹੈ।

I, Shivam Sharma S/o Rajinder Kumar R/o #71 Type-III Sector-V Naya Nangal Teh-Nangal (Rupnagar) declare that my father name entered in my matriculation certificate is Rajinder Sharma but my other documents father name is Rajinder Kumar. In future my father name should be known as Rajinder Kumar.

I, Harpreet Kaur D/o Tarsem Singh, holder of Indian Passport No. N8060680, issued at Amritsar, on 23-05-2016, Permanent Resident of VIII: Kot Dala Ps. Ratta Gudda, Teh. Patti Tarn Taran Pin-143401, Punjab, India, and presently residing at 40 Savanna Row NE, Calgary (AB) T3J0Y6 Canada, do hereby change my name from Harpreet Kaur to Harpreet Kaur Bhangu with immediate effect.

ਮੋਟਰ ਕੁਨੈਕਸ਼ਨ

ਟਿਊਬਵੈੱਲ ਖਾਤਾ ਨੰਬਰ ਟੀ.ਏ.ਈ.ਪੀ. 320928 ਸੰਬੰਧੀ ਆਮ ਜਨਤਾ ਨੂੰ ਸੂਚਿਤ ਕੀਤਾ ਜਾਂਦਾ ਹੈ ਕਿ ਮੋਟਰ ਕੁਨੈਕਸ਼ਨ ਦੇ ਨਾਮ ਬਦਲੀ ਲਈ ਦਰਖਾਸਤ ਦਿੱਤੀ ਗਈ ਹੈ।

ਇੱਕ ਬਿਜਲੀ ਖੇਤੀਬਾੜੀ ਕੈਟਾਗਰੀ ਦਾ ਕੁਨੈਕਸ਼ਨ ਜਿਸ ਦਾ ਖਾਤਾ ਨੰਬਰ ਐਸ-73 ਹੈ, ਨਾਮ ਤਬਦੀਲ ਕਰਵਾਉਣ ਲਈ ਦਰਖਾਸਤ ਦਿੱਤੀ ਗਈ ਹੈ।

ਇੱਕ ਬਿਜਲੀ ਖੇਤੀਬਾੜੀ ਕੈਟਾਗਰੀ ਦਾ ਕੁਨੈਕਸ਼ਨ ਜਿਸ ਦਾ ਖਾਤਾ ਨੰਬਰ ਐਸ-317 ਹੈ, ਨਾਮ ਤਬਦੀਲ ਕਰਵਾਉਣ ਲਈ ਦਰਖਾਸਤ ਦਿੱਤੀ ਗਈ ਹੈ।

ਇਸ਼ਤਿਹਾਰ ਅਤੇ ਕਲਾਸੀਫਾਈਡ ਕੇਵਲ ਅਦਾਰਾ 'ਪਹਿਰੇਦਾਰ' ਦੀ ਈ-ਮੇਲ	rozanapehredaradvt@gmail.com 'ਤੇ ਹੀ ਭੇਜੇ ਜਾਣ।
